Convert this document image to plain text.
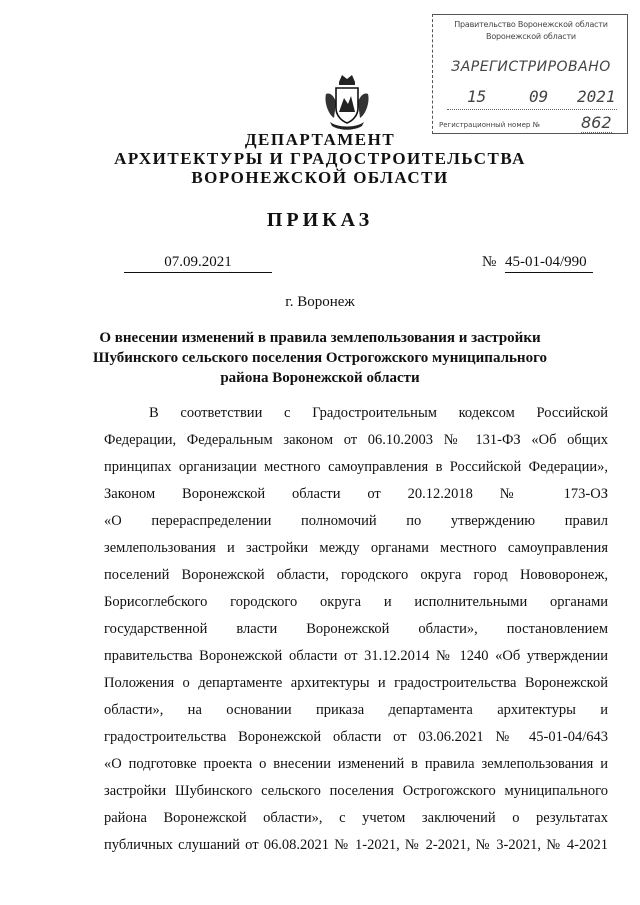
Правительство Воронежской области
Воронежской области
ЗАРЕГИСТРИРОВАНО
15	09 2021
Регистрационный номер №	862
ДЕПАРТАМЕНТ
АРХИТЕКТУРЫ И ГРАДОСТРОИТЕЛЬСТВА
ВОРОНЕЖСКОЙ ОБЛАСТИ
ПРИКАЗ
07.09.2021	№ 45-01-04/990
г. Воронеж
О внесении изменений в правила землепользования и застройки
Шубинского сельского поселения Острогожского муниципального
района Воронежской области
В соответствии с Градостроительным кодексом Российской
Федерации, Федеральным законом от 06.10.2003 № 131-ФЗ «Об общих
принципах организации местного самоуправления в Российской Федерации»,
Законом Воронежской области от 20.12.2018 № 173-ОЗ
«О перераспределении полномочий по утверждению правил
землепользования и застройки между органами местного самоуправления
поселений Воронежской области, городского округа город Нововоронеж,
Борисоглебского городского округа и исполнительными органами
государственной власти Воронежской области», постановлением
правительства Воронежской области от 31.12.2014 № 1240 «Об утверждении
Положения о департаменте архитектуры и градостроительства Воронежской
области», на основании приказа департамента архитектуры и
градостроительства Воронежской области от 03.06.2021 № 45-01-04/643
«О подготовке проекта о внесении изменений в правила землепользования и
застройки Шубинского сельского поселения Острогожского муниципального
района Воронежской области», с учетом заключений о результатах
публичных слушаний от 06.08.2021 № 1-2021, № 2-2021, № 3-2021, № 4-2021
